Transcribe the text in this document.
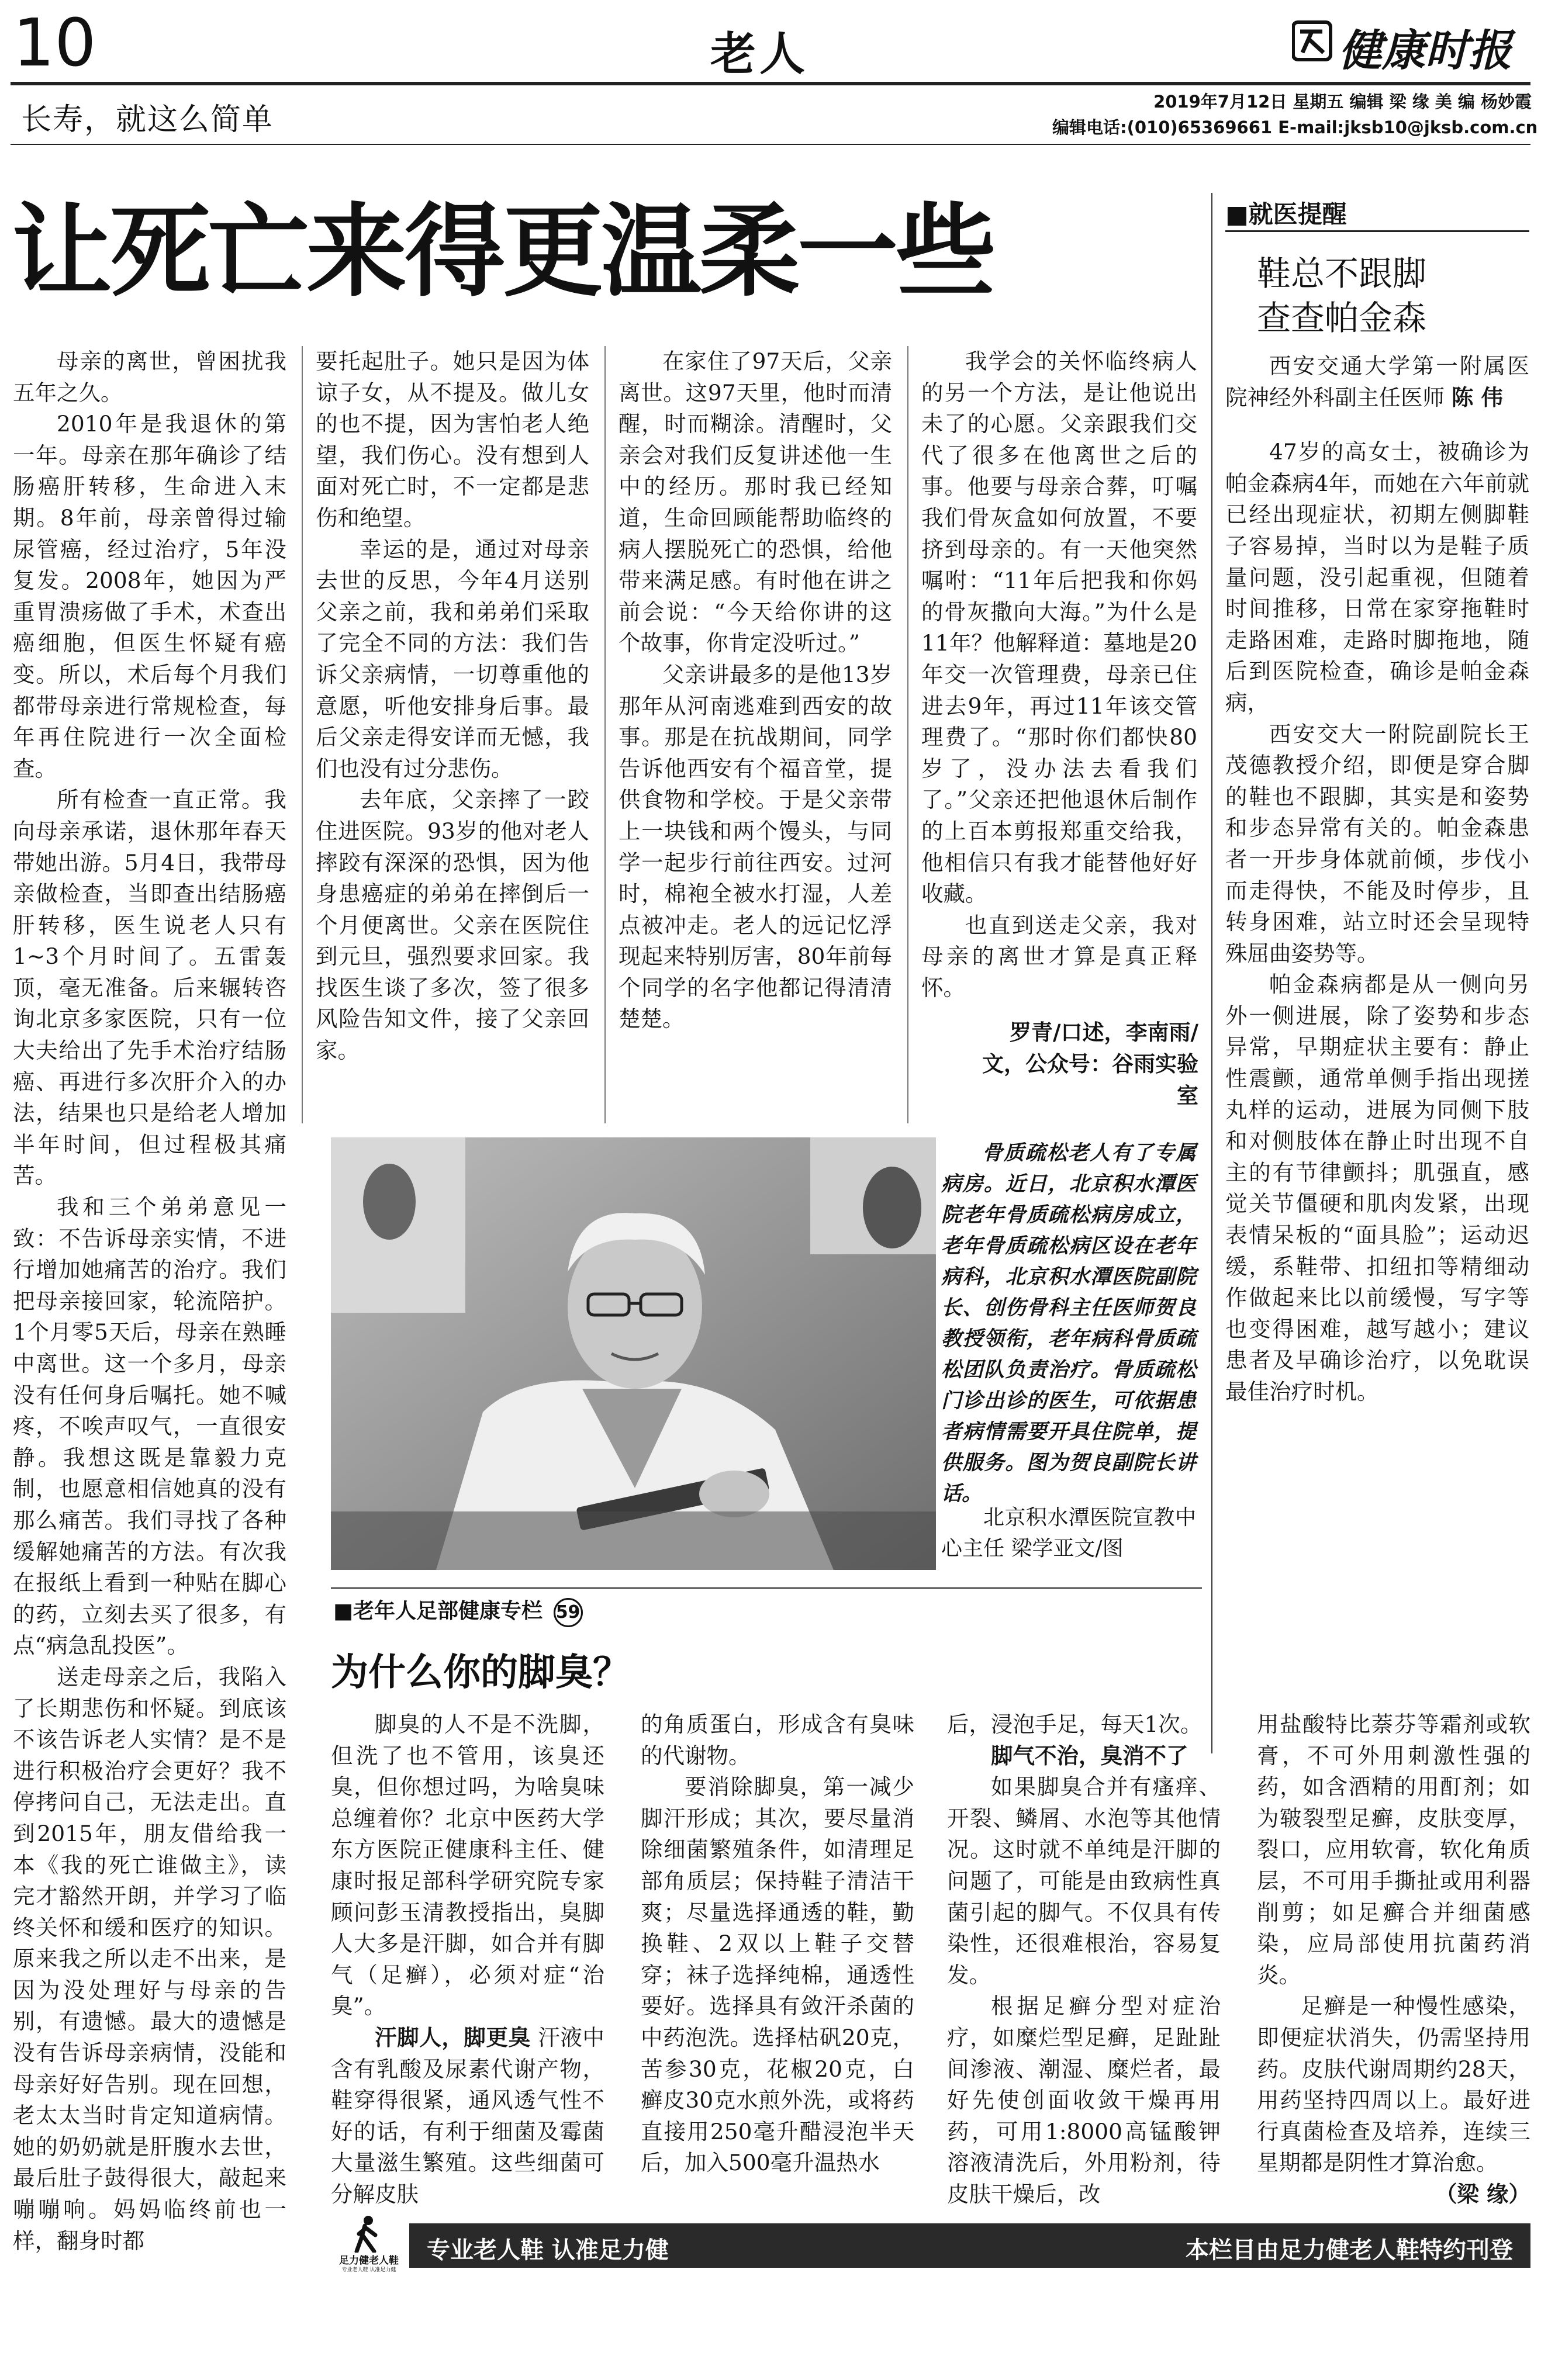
10	老人	健康时报
长寿，就这么简单
2019年7月12日 星期五 编辑 梁 缘 美 编 杨妙霞
编辑电话:(010)65369661 E-mail:jksb10@jksb.com.cn
让死亡来得更温柔一些

母亲的离世，曾困扰我五年之久。

2010年是我退休的第一年。母亲在那年确诊了结肠癌肝转移，生命进入末期。8年前，母亲曾得过输尿管癌，经过治疗，5年没复发。2008年，她因为严重胃溃疡做了手术，术查出癌细胞，但医生怀疑有癌变。所以，术后每个月我们都带母亲进行常规检查，每年再住院进行一次全面检查。

所有检查一直正常。我向母亲承诺，退休那年春天带她出游。5月4日，我带母亲做检查，当即查出结肠癌肝转移，医生说老人只有1~3个月时间了。五雷轰顶，毫无准备。后来辗转咨询北京多家医院，只有一位大夫给出了先手术治疗结肠癌、再进行多次肝介入的办法，结果也只是给老人增加半年时间，但过程极其痛苦。

我和三个弟弟意见一致：不告诉母亲实情，不进行增加她痛苦的治疗。我们把母亲接回家，轮流陪护。1个月零5天后，母亲在熟睡中离世。这一个多月，母亲没有任何身后嘱托。她不喊疼，不唉声叹气，一直很安静。我想这既是靠毅力克制，也愿意相信她真的没有那么痛苦。我们寻找了各种缓解她痛苦的方法。有次我在报纸上看到一种贴在脚心的药，立刻去买了很多，有点“病急乱投医”。

送走母亲之后，我陷入了长期悲伤和怀疑。到底该不该告诉老人实情？是不是进行积极治疗会更好？我不停拷问自己，无法走出。直到2015年，朋友借给我一本《我的死亡谁做主》，读完才豁然开朗，并学习了临终关怀和缓和医疗的知识。原来我之所以走不出来，是因为没处理好与母亲的告别，有遗憾。最大的遗憾是没有告诉母亲病情，没能和母亲好好告别。现在回想，老太太当时肯定知道病情。她的奶奶就是肝腹水去世，最后肚子鼓得很大，敲起来嘣嘣响。妈妈临终前也一样，翻身时都

要托起肚子。她只是因为体谅子女，从不提及。做儿女的也不提，因为害怕老人绝望，我们伤心。没有想到人面对死亡时，不一定都是悲伤和绝望。

幸运的是，通过对母亲去世的反思，今年4月送别父亲之前，我和弟弟们采取了完全不同的方法：我们告诉父亲病情，一切尊重他的意愿，听他安排身后事。最后父亲走得安详而无憾，我们也没有过分悲伤。

去年底，父亲摔了一跤住进医院。93岁的他对老人摔跤有深深的恐惧，因为他身患癌症的弟弟在摔倒后一个月便离世。父亲在医院住到元旦，强烈要求回家。我找医生谈了多次，签了很多风险告知文件，接了父亲回家。

在家住了97天后，父亲离世。这97天里，他时而清醒，时而糊涂。清醒时，父亲会对我们反复讲述他一生中的经历。那时我已经知道，生命回顾能帮助临终的病人摆脱死亡的恐惧，给他带来满足感。有时他在讲之前会说：“今天给你讲的这个故事，你肯定没听过。”

父亲讲最多的是他13岁那年从河南逃难到西安的故事。那是在抗战期间，同学告诉他西安有个福音堂，提供食物和学校。于是父亲带上一块钱和两个馒头，与同学一起步行前往西安。过河时，棉袍全被水打湿，人差点被冲走。老人的远记忆浮现起来特别厉害，80年前每个同学的名字他都记得清清楚楚。

我学会的关怀临终病人的另一个方法，是让他说出未了的心愿。父亲跟我们交代了很多在他离世之后的事。他要与母亲合葬，叮嘱我们骨灰盒如何放置，不要挤到母亲的。有一天他突然嘱咐：“11年后把我和你妈的骨灰撒向大海。”为什么是11年？他解释道：墓地是20年交一次管理费，母亲已住进去9年，再过11年该交管理费了。“那时你们都快80岁了，没办法去看我们了。”父亲还把他退休后制作的上百本剪报郑重交给我，他相信只有我才能替他好好收藏。

也直到送走父亲，我对母亲的离世才算是真正释怀。

罗青/口述，李南雨/文，公众号：谷雨实验室
骨质疏松老人有了专属病房。近日，北京积水潭医院老年骨质疏松病房成立，老年骨质疏松病区设在老年病科，北京积水潭医院副院长、创伤骨科主任医师贺良教授领衔，老年病科骨质疏松团队负责治疗。骨质疏松门诊出诊的医生，可依据患者病情需要开具住院单，提供服务。图为贺良副院长讲话。
北京积水潭医院宣教中心主任 梁学亚文/图
■就医提醒
鞋总不跟脚
查查帕金森

西安交通大学第一附属医院神经外科副主任医师 陈 伟

47岁的高女士，被确诊为帕金森病4年，而她在六年前就已经出现症状，初期左侧脚鞋子容易掉，当时以为是鞋子质量问题，没引起重视，但随着时间推移，日常在家穿拖鞋时走路困难，走路时脚拖地，随后到医院检查，确诊是帕金森病，

西安交大一附院副院长王茂德教授介绍，即便是穿合脚的鞋也不跟脚，其实是和姿势和步态异常有关的。帕金森患者一开步身体就前倾，步伐小而走得快，不能及时停步，且转身困难，站立时还会呈现特殊屈曲姿势等。

帕金森病都是从一侧向另外一侧进展，除了姿势和步态异常，早期症状主要有：静止性震颤，通常单侧手指出现搓丸样的运动，进展为同侧下肢和对侧肢体在静止时出现不自主的有节律颤抖；肌强直，感觉关节僵硬和肌肉发紧，出现表情呆板的“面具脸”；运动迟缓，系鞋带、扣纽扣等精细动作做起来比以前缓慢，写字等也变得困难，越写越小；建议患者及早确诊治疗，以免耽误最佳治疗时机。

■老年人足部健康专栏 59
为什么你的脚臭？

脚臭的人不是不洗脚，但洗了也不管用，该臭还臭，但你想过吗，为啥臭味总缠着你？北京中医药大学东方医院正健康科主任、健康时报足部科学研究院专家顾问彭玉清教授指出，臭脚人大多是汗脚，如合并有脚气（足癣），必须对症“治臭”。

汗脚人，脚更臭 汗液中含有乳酸及尿素代谢产物，鞋穿得很紧，通风透气性不好的话，有利于细菌及霉菌大量滋生繁殖。这些细菌可分解皮肤

的角质蛋白，形成含有臭味的代谢物。

要消除脚臭，第一减少脚汗形成；其次，要尽量消除细菌繁殖条件，如清理足部角质层；保持鞋子清洁干爽；尽量选择通透的鞋，勤换鞋、2双以上鞋子交替穿；袜子选择纯棉，通透性要好。选择具有敛汗杀菌的中药泡洗。选择枯矾20克，苦参30克，花椒20克，白癣皮30克水煎外洗，或将药直接用250毫升醋浸泡半天后，加入500毫升温热水

后，浸泡手足，每天1次。

脚气不治，臭消不了

如果脚臭合并有瘙痒、开裂、鳞屑、水泡等其他情况。这时就不单纯是汗脚的问题了，可能是由致病性真菌引起的脚气。不仅具有传染性，还很难根治，容易复发。

根据足癣分型对症治疗，如糜烂型足癣，足趾趾间渗液、潮湿、糜烂者，最好先使创面收敛干燥再用药，可用1:8000高锰酸钾溶液清洗后，外用粉剂，待皮肤干燥后，改

用盐酸特比萘芬等霜剂或软膏，不可外用刺激性强的药，如含酒精的用酊剂；如为皲裂型足癣，皮肤变厚，裂口，应用软膏，软化角质层，不可用手撕扯或用利器削剪；如足癣合并细菌感染，应局部使用抗菌药消炎。

足癣是一种慢性感染，即便症状消失，仍需坚持用药。皮肤代谢周期约28天，用药坚持四周以上。最好进行真菌检查及培养，连续三星期都是阴性才算治愈。

（梁 缘）

足力健老人鞋
专业老人鞋 认准足力健
专业老人鞋 认准足力健	本栏目由足力健老人鞋特约刊登
